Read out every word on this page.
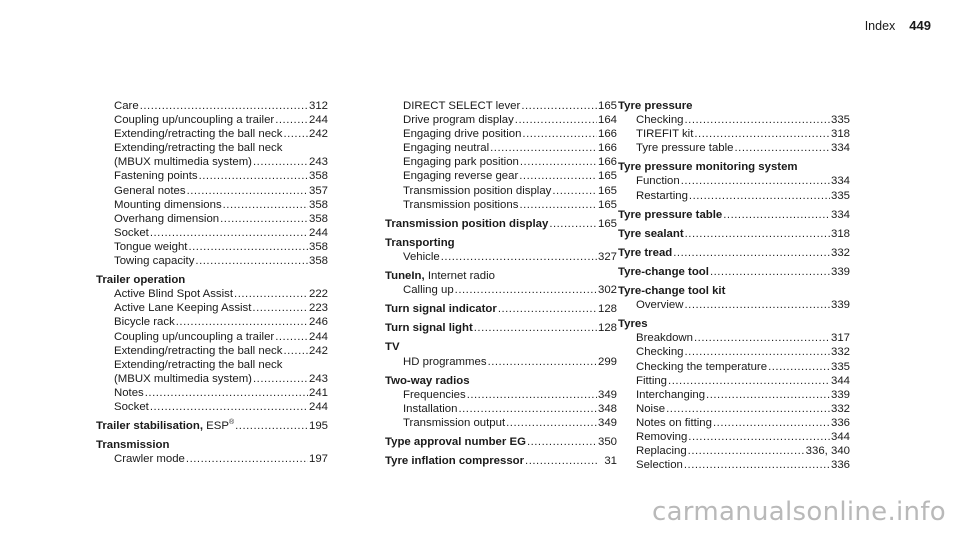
Index 449
Care .....	312
Coupling up/uncoupling a trailer .....	244
Extending/retracting the ball neck ..... 242
Extending/retracting the ball neck
(MBUX multimedia system) .....	243
Fastening points .....	358
General notes .....	357
Mounting dimensions .....	358
Overhang dimension .....	358
Socket .....	244
Tongue weight .....	358
Towing capacity .....	358
Trailer operation
Active Blind Spot Assist .....	222
Active Lane Keeping Assist .....	223
Bicycle rack .....	246
Coupling up/uncoupling a trailer .....	244
Extending/retracting the ball neck ..... 242
Extending/retracting the ball neck
(MBUX multimedia system) .....	243
Notes .....	241
Socket .....	244
Trailer stabilisation, ESP® .....	195
Transmission
Crawler mode .....	197
DIRECT SELECT lever .....	165
Drive program display .....	164
Engaging drive position .....	166
Engaging neutral .....	166
Engaging park position .....	166
Engaging reverse gear .....	165
Transmission position display .....	165
Transmission positions .....	165
Transmission position display .....	165
Transporting
Vehicle .....	327
TuneIn, Internet radio
Calling up .....	302
Turn signal indicator .....	128
Turn signal light .....	128
TV
HD programmes .....	299
Two-way radios
Frequencies .....	349
Installation .....	348
Transmission output .....	349
Type approval number EG .....	350
Tyre inflation compressor .....	31
Tyre pressure
Checking .....	335
TIREFIT kit .....	318
Tyre pressure table .....	334
Tyre pressure monitoring system
Function .....	334
Restarting .....	335
Tyre pressure table .....	334
Tyre sealant .....	318
Tyre tread .....	332
Tyre-change tool .....	339
Tyre-change tool kit
Overview .....	339
Tyres
Breakdown .....	317
Checking .....	332
Checking the temperature .....	335
Fitting .....	344
Interchanging .....	339
Noise .....	332
Notes on fitting .....	336
Removing .....	344
Replacing .....	336, 340
Selection .....	336
carmanualsonline.info
